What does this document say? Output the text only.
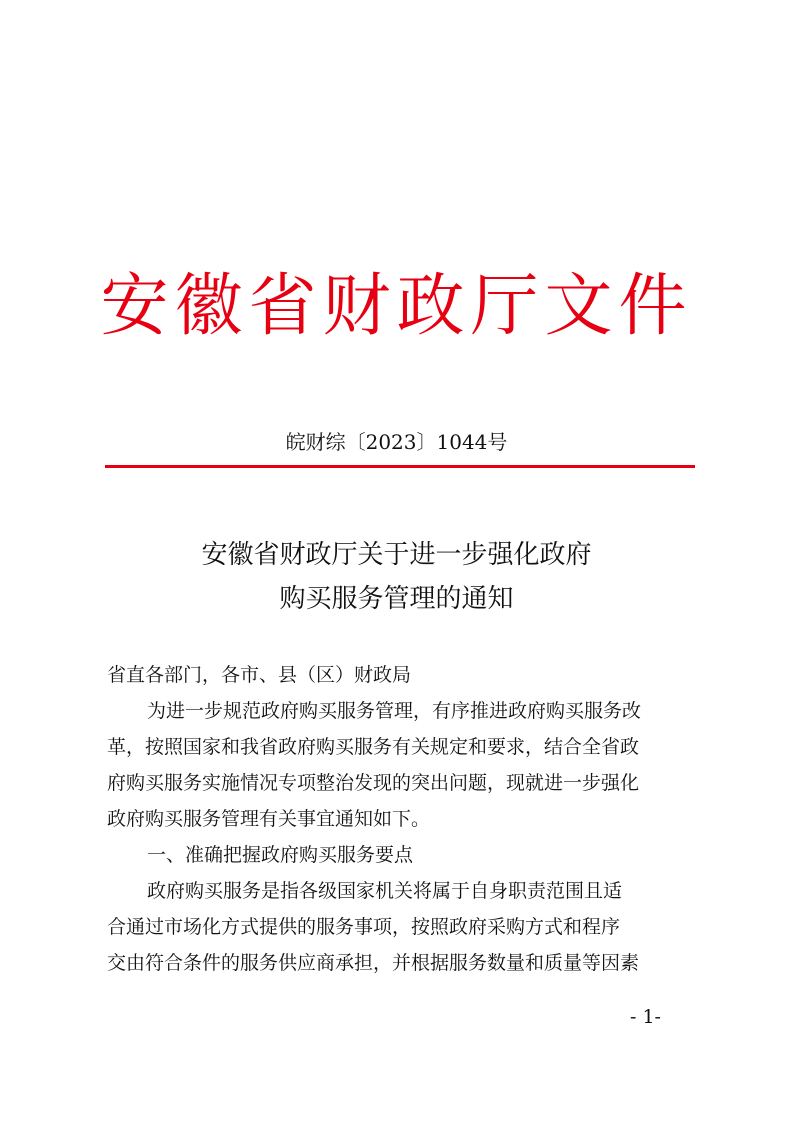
安徽省财政厅文件
皖财综〔2023〕1044号
安徽省财政厅关于进一步强化政府
购买服务管理的通知
省直各部门，各市、县（区）财政局
为进一步规范政府购买服务管理，有序推进政府购买服务改
革，按照国家和我省政府购买服务有关规定和要求，结合全省政
府购买服务实施情况专项整治发现的突出问题，现就进一步强化
政府购买服务管理有关事宜通知如下。
一、准确把握政府购买服务要点
政府购买服务是指各级国家机关将属于自身职责范围且适
合通过市场化方式提供的服务事项，按照政府采购方式和程序
交由符合条件的服务供应商承担，并根据服务数量和质量等因素
- 1-
